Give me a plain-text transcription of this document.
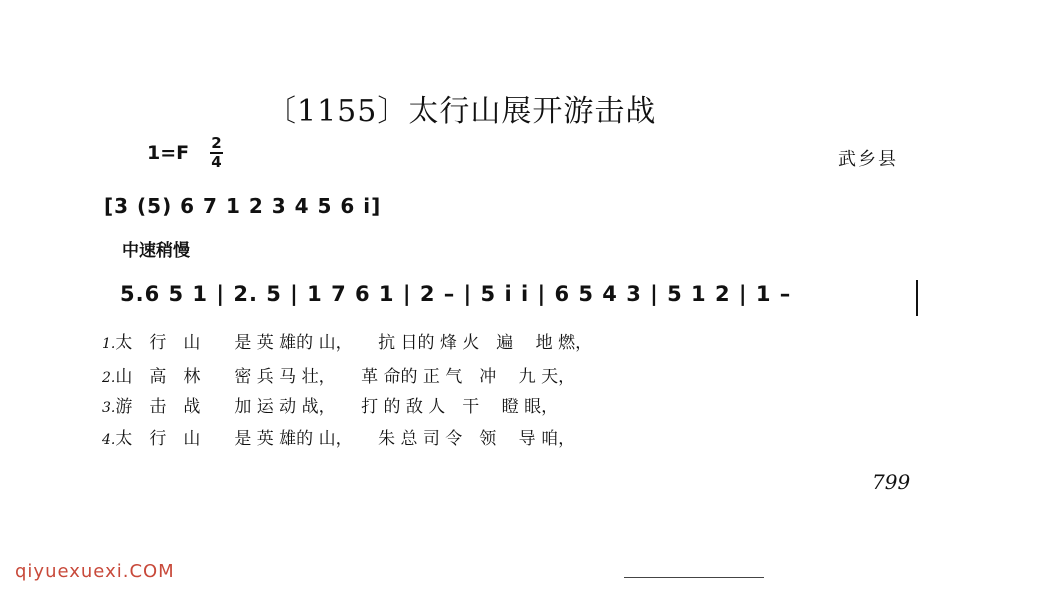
〔1155〕太行山展开游击战
1=F 2
4	武乡县
[3 (5) 6 7 1 2 3 4 5 6 i]
中速稍慢
5.6 5 1 | 2. 5 | 1 7 6 1 | 2 – | 5 i i | 6 5 4 3 | 5 1 2 | 1 –
1.太　行　山　　是 英 雄的 山，　　抗 日的 烽 火　遍　 地 燃，
2.山　高　林　　密 兵 马 壮，　　革 命的 正 气　冲　 九 天，
3.游　击　战　　加 运 动 战，　　打 的 敌 人　干　 瞪 眼，
4.太　行　山　　是 英 雄的 山，　　朱 总 司 令　领　 导 咱，
799
qiyuexuexi.COM
